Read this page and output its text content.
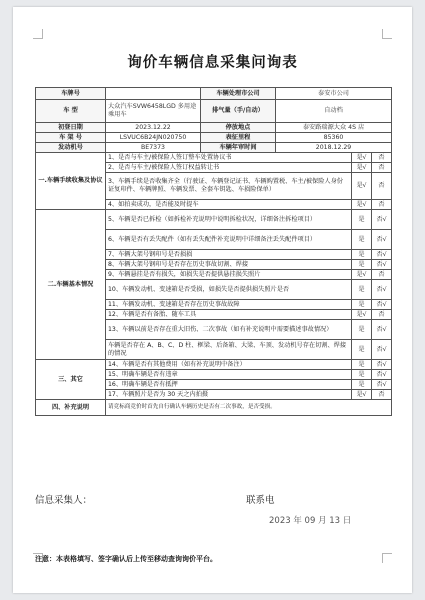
询价车辆信息采集问询表
车牌号		车辆处理市公司	泰安市公司		
车 型	大众汽车SVW6458LGD 多用途乘用车	排气量（手/自动）	自动档		
初登日期	2023.12.22	停放地点	泰安路瑞源大众 4S 店		
车 架 号	LSVUC6B24JN020750	表征里程	85360		
发动机号	BE7373	车辆年审时间	2018.12.29		
一.车辆手续收集及协议	1、是否与车主/被保险人签订整车处置协议书			是√	否
	2、是否与车主/被保险人签订权益转让书			是√	否
	3、车辆手续是否收集齐全（行驶证、车辆登记证书、车辆购置税、车主/被保险人身份证复印件、车辆牌照、车辆发票、全套车钥匙、车损险保单）			是√	否
	4、如拍卖成功，是否能及时提车			是√	否
二.车辆基本情况	5、车辆是否已拆检（如拆检补充说明中说明拆检状况，详细备注拆检项目）			是	否√
	6、车辆是否有丢失配件（如有丢失配件补充说明中详细备注丢失配件项目）			是	否√
	7、车辆大架号钢印号是否损损			是	否√
	8、车辆大架号钢印号是否存在历史事故切割、焊接			是	否√
	9、车辆悬挂是否有损失，如损失是否提供悬挂损失照片			是√	否
	10、车辆发动机、变速箱是否受损，如损失是否提供损失照片是否			是	否√
	11、车辆发动机、变速箱是否存在历史事故故障			是	否√
	12、车辆是否有备胎、随车工具			是√	否
	13、车辆以前是否存在重大旧伤、二次事故（如有补充说明中需要描述事故情况）			是	否√
	车辆是否存在 A、B、C、D 柱、框梁、后备箱、大梁、车顶、发动机号存在切割、焊接的情况			是	否√
三、其它	14、车辆是否有其他费用（如有补充说明中备注）			是	否√
	15、明确车辆是否有违章			是	否√
	16、明确车辆是否有抵押			是	否√
	17、车辆照片是否为 30 天之内拍摄			是√	否
四、补充说明	请竞标商竞价时首先自行确认车辆历史是否有二次事故，是否受损。				
信息采集人：	联系电
2023 年 09 月 13 日
注意：本表格填写、签字确认后上传至移动查询询价平台。
